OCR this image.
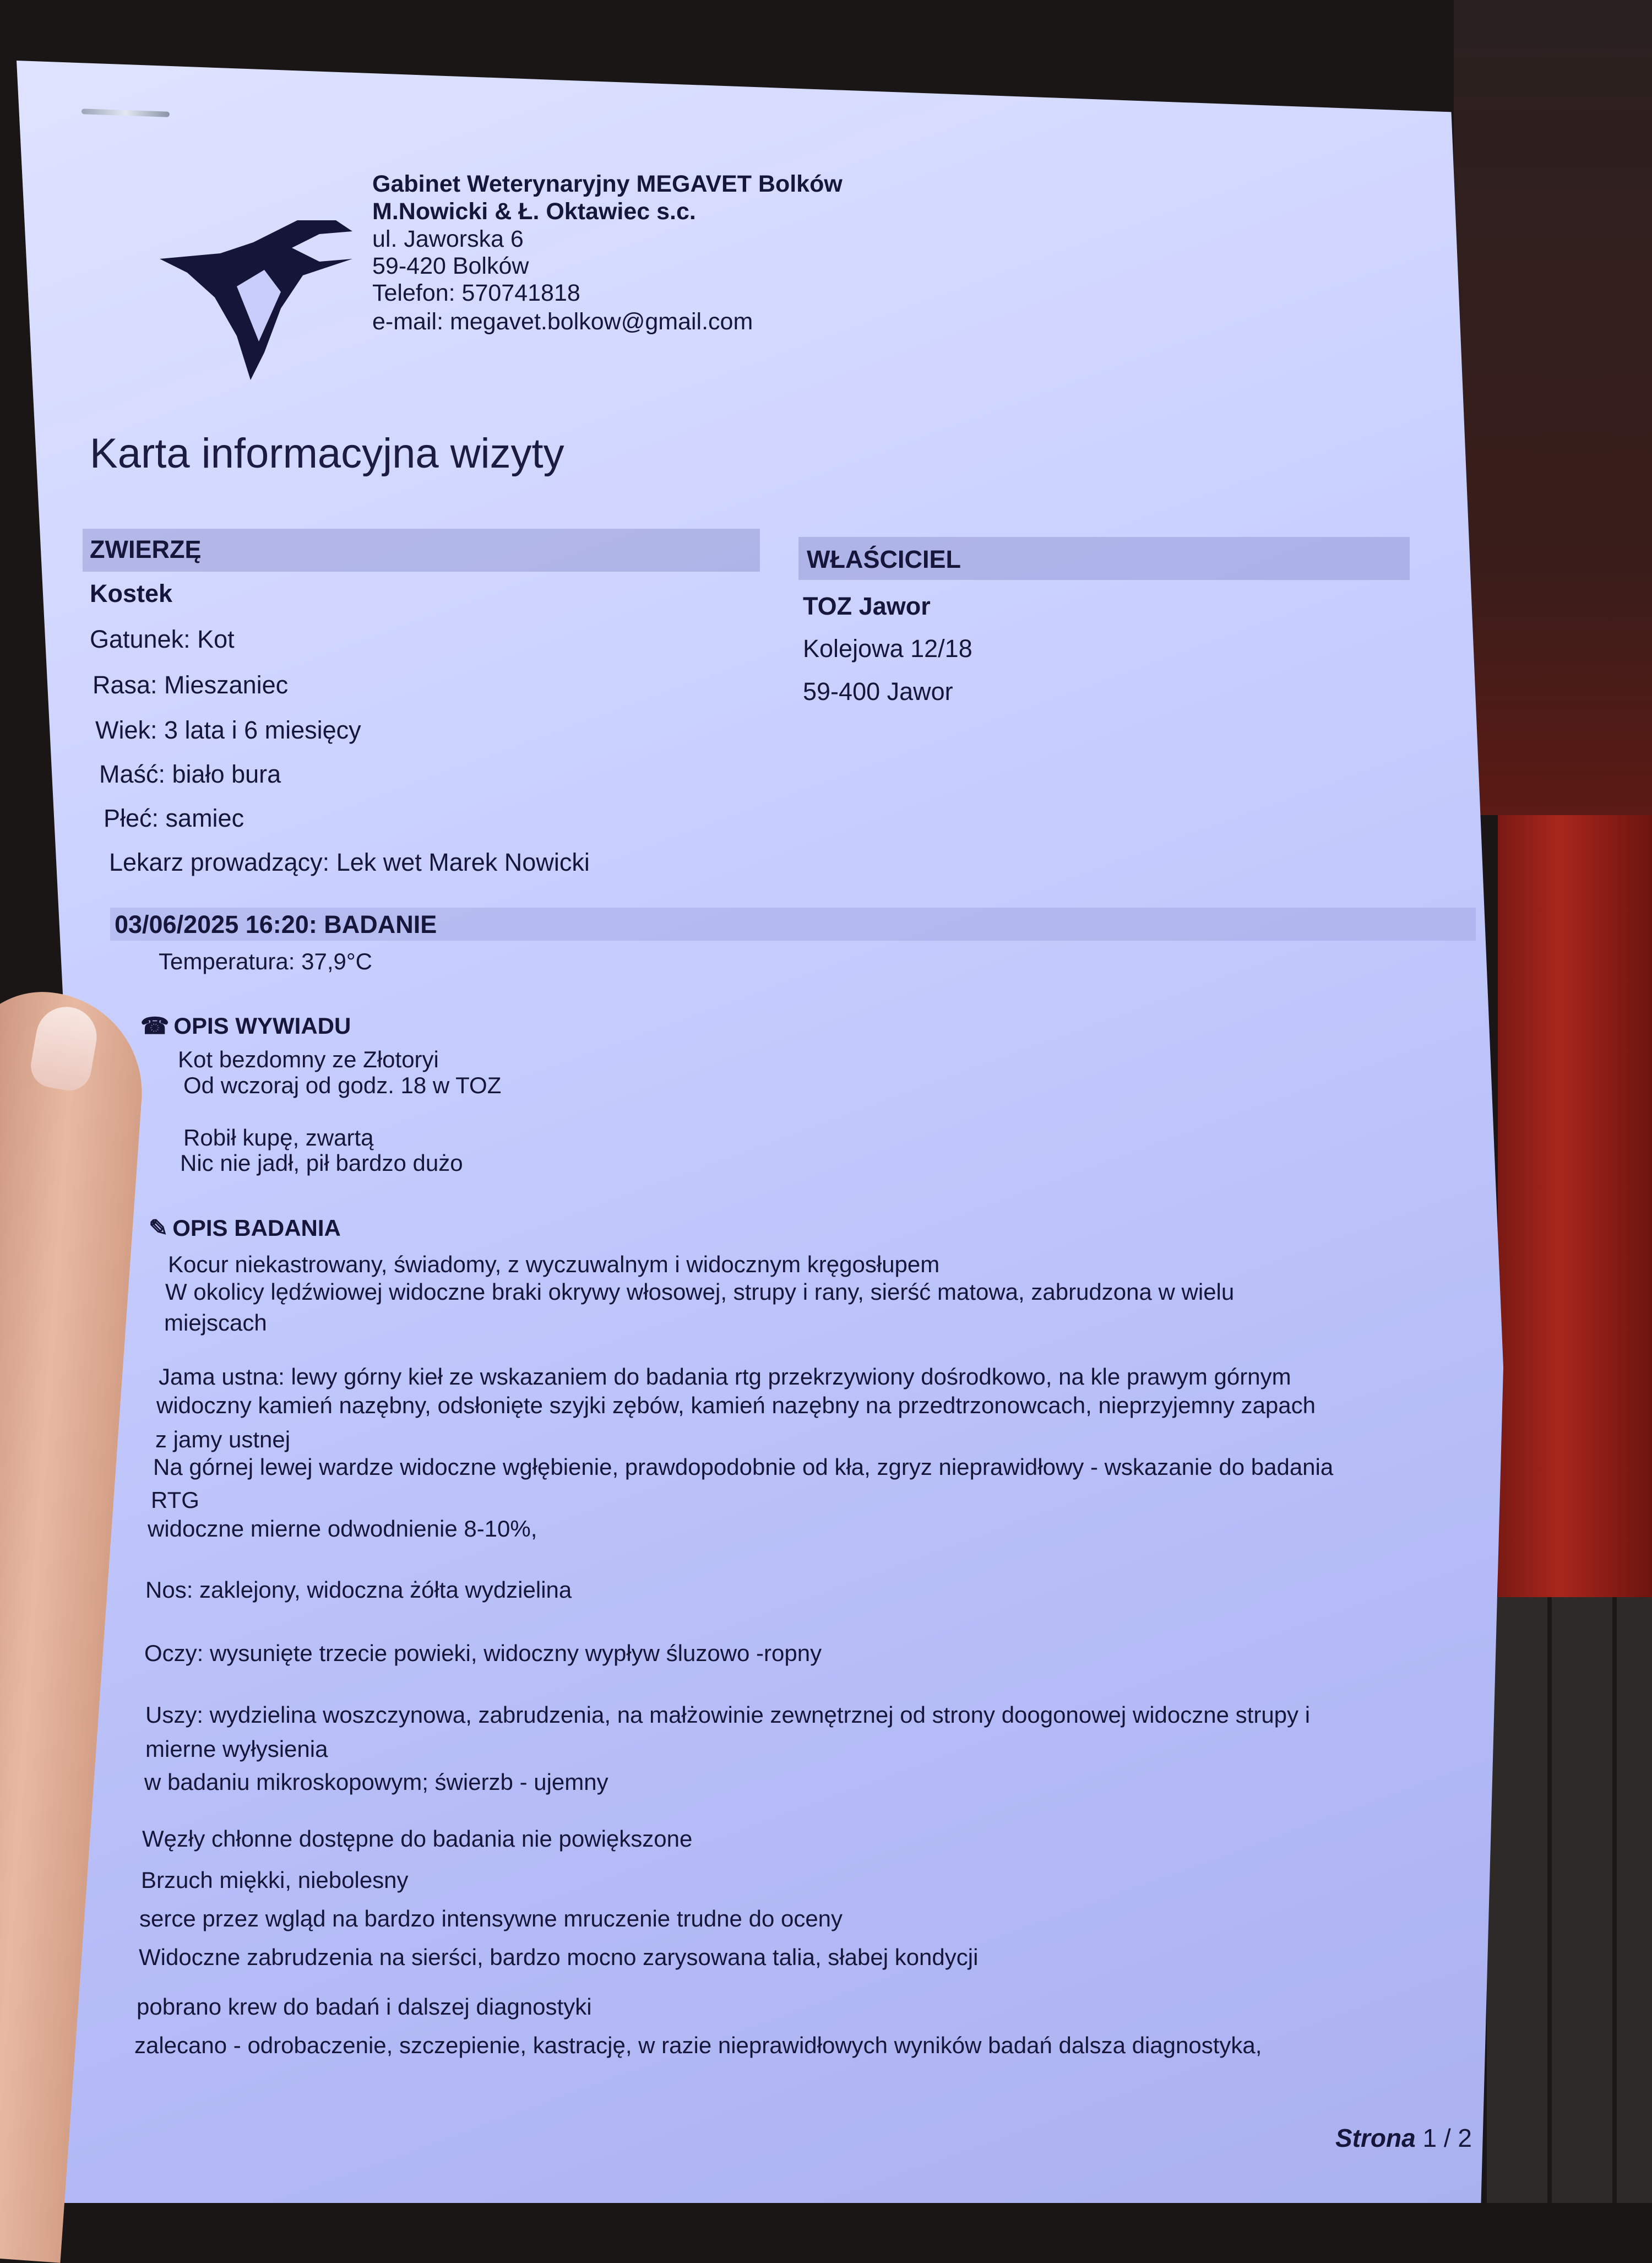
Gabinet Weterynaryjny MEGAVET Bolków
M.Nowicki & Ł. Oktawiec s.c.
ul. Jaworska 6
59-420 Bolków
Telefon: 570741818
e-mail: megavet.bolkow@gmail.com
Karta informacyjna wizyty
ZWIERZĘ	WŁAŚCICIEL
Kostek
Gatunek: Kot
Rasa: Mieszaniec
Wiek: 3 lata i 6 miesięcy
Maść: biało bura
Płeć: samiec
Lekarz prowadzący: Lek wet Marek Nowicki
TOZ Jawor
Kolejowa 12/18
59-400 Jawor
03/06/2025 16:20: BADANIE
Temperatura: 37,9°C
☎ OPIS WYWIADU
Kot bezdomny ze Złotoryi
Od wczoraj od godz. 18 w TOZ
Robił kupę, zwartą
Nic nie jadł, pił bardzo dużo
✎ OPIS BADANIA
Kocur niekastrowany, świadomy, z wyczuwalnym i widocznym kręgosłupem
W okolicy lędźwiowej widoczne braki okrywy włosowej, strupy i rany, sierść matowa, zabrudzona w wielu
miejscach
Jama ustna: lewy górny kieł ze wskazaniem do badania rtg przekrzywiony dośrodkowo, na kle prawym górnym
widoczny kamień nazębny, odsłonięte szyjki zębów, kamień nazębny na przedtrzonowcach, nieprzyjemny zapach
z jamy ustnej
Na górnej lewej wardze widoczne wgłębienie, prawdopodobnie od kła, zgryz nieprawidłowy - wskazanie do badania
RTG
widoczne mierne odwodnienie 8-10%,
Nos: zaklejony, widoczna żółta wydzielina
Oczy: wysunięte trzecie powieki, widoczny wypływ śluzowo -ropny
Uszy: wydzielina woszczynowa, zabrudzenia, na małżowinie zewnętrznej od strony doogonowej widoczne strupy i
mierne wyłysienia
w badaniu mikroskopowym; świerzb - ujemny
Węzły chłonne dostępne do badania nie powiększone
Brzuch miękki, niebolesny
serce przez wgląd na bardzo intensywne mruczenie trudne do oceny
Widoczne zabrudzenia na sierści, bardzo mocno zarysowana talia, słabej kondycji
pobrano krew do badań i dalszej diagnostyki
zalecano - odrobaczenie, szczepienie, kastrację, w razie nieprawidłowych wyników badań dalsza diagnostyka,
Strona 1 / 2
